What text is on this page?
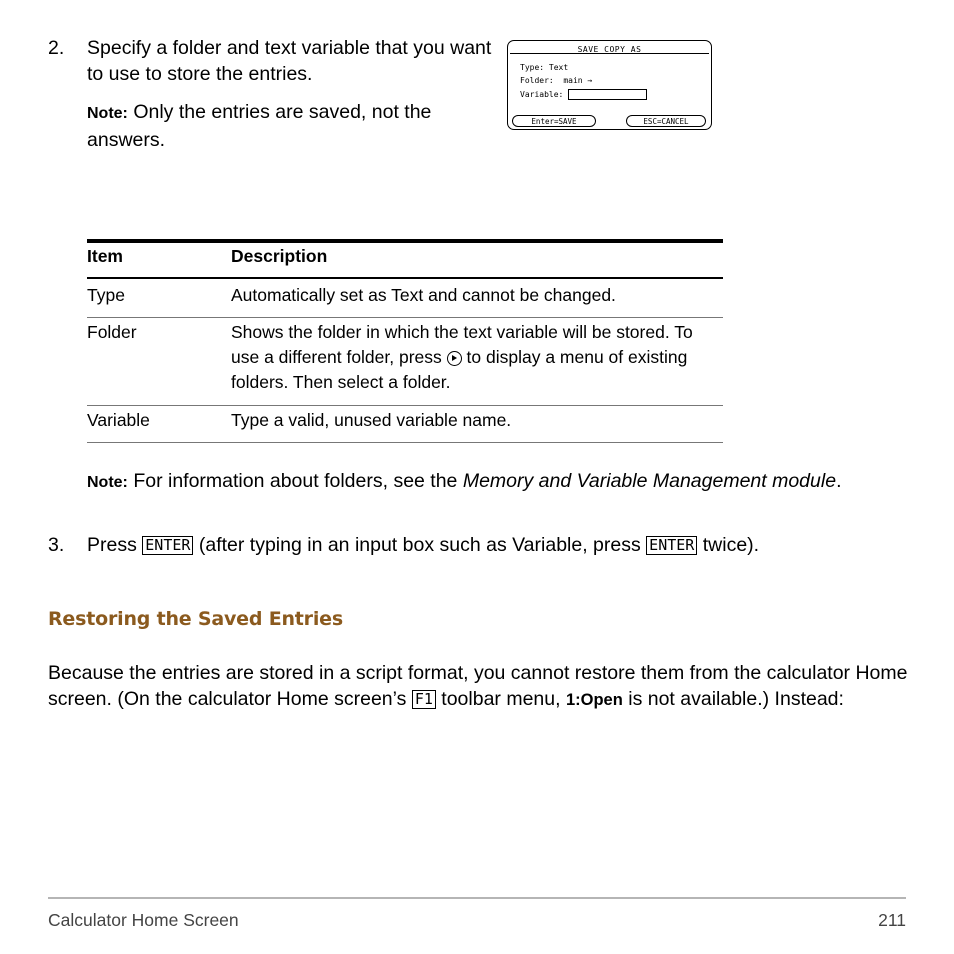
2. Specify a folder and text variable that you want to use to store the entries.
Note: Only the entries are saved, not the answers.
SAVE COPY AS
Type: Text
Folder:  main →
Variable:
Enter=SAVE	ESC=CANCEL
Item	Description
Type	Automatically set as Text and cannot be changed.
Folder	Shows the folder in which the text variable will be stored. To use a different folder, press to display a menu of existing folders. Then select a folder.
Variable	Type a valid, unused variable name.
Note: For information about folders, see the Memory and Variable Management module.
3. Press ENTER (after typing in an input box such as Variable, press ENTER twice).
Restoring the Saved Entries
Because the entries are stored in a script format, you cannot restore them from the calculator Home screen. (On the calculator Home screen’s F1 toolbar menu, 1:Open is not available.) Instead:
Calculator Home Screen	211
